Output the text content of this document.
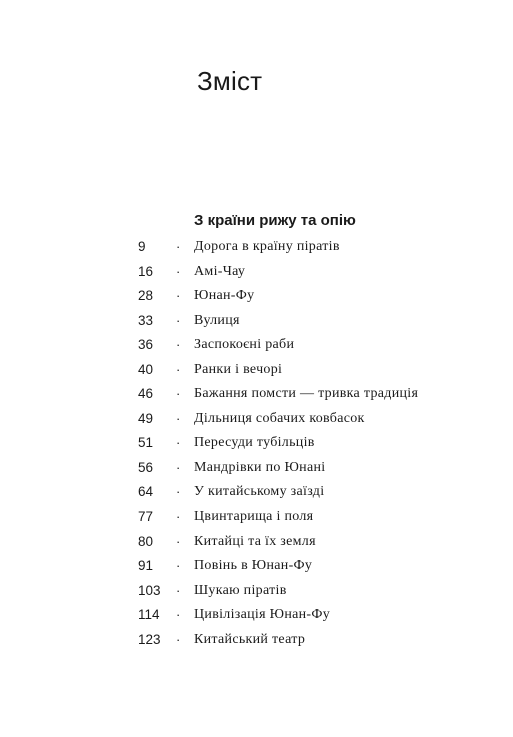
Зміст
З країни рижу та опію
9 · Дорога в країну піратів
16 · Амі-Чау
28 · Юнан-Фу
33 · Вулиця
36 · Заспокоєні раби
40 · Ранки і вечорі
46 · Бажання помсти — тривка традиція
49 · Дільниця собачих ковбасок
51 · Пересуди тубільців
56 · Мандрівки по Юнані
64 · У китайському заїзді
77 · Цвинтарища і поля
80 · Китайці та їх земля
91 · Повінь в Юнан-Фу
103 · Шукаю піратів
114 · Цивілізація Юнан-Фу
123 · Китайський театр
